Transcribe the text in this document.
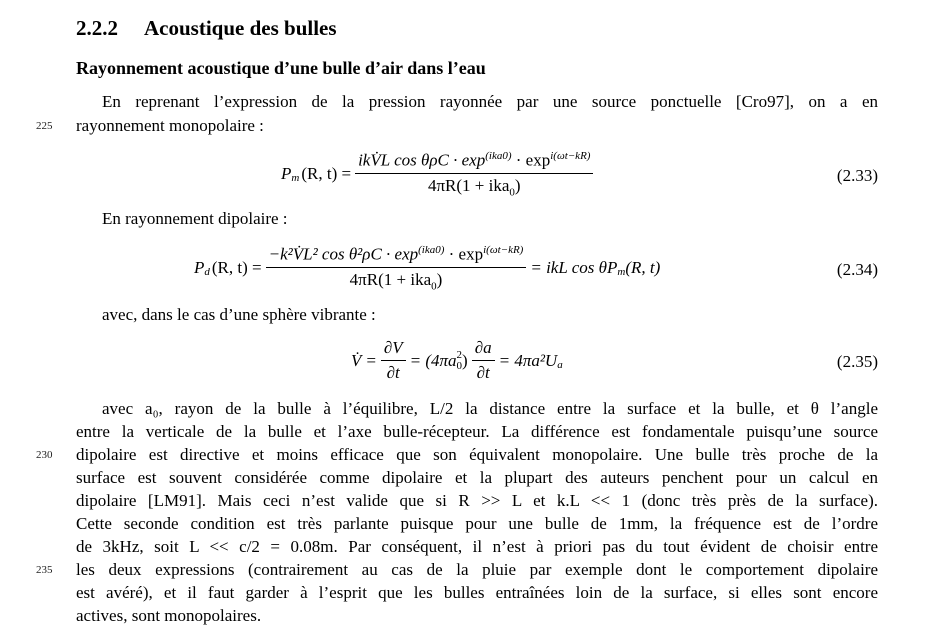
2.2.2 Acoustique des bulles
Rayonnement acoustique d’une bulle d’air dans l’eau
En reprenant l’expression de la pression rayonnée par une source ponctuelle [Cro97], on a en
225 rayonnement monopolaire :
$P_m$ (R, $t) = \frac{ikV̇L \cos \theta\rho C \cdot \exp^{(ika0)} \cdot \exp^{i(\omega t-kR)}}{4\pi R(1 + ika_0)}$	(2.33)
En rayonnement dipolaire :
$P_d$ (R, $t) = \frac{-k^2V̇L^2 \cos \theta^2\rho C \cdot \exp^{(ika0)} \cdot \exp^{i(\omega t-kR)}}{4\pi R(1 + ika_0)}$ = ikL $\cos \theta P_m$ (R, t)	(2.34)
avec, dans le cas d’une sphère vibrante :
V̇ = $\frac{\partial V}{\partial t} = (4\pi a$ 2
0 ) $\frac{\partial a}{\partial t} = 4\pi a^2U_a$	(2.35)
avec a₀, rayon de la bulle à l’équilibre, L/2 la distance entre la surface et la bulle, et θ l’angle
entre la verticale de la bulle et l’axe bulle-récepteur. La différence est fondamentale puisqu’une source
230 dipolaire est directive et moins efficace que son équivalent monopolaire. Une bulle très proche de la
surface est souvent considérée comme dipolaire et la plupart des auteurs penchent pour un calcul en
dipolaire [LM91]. Mais ceci n’est valide que si R >> L et k.L << 1 (donc très près de la surface).
Cette seconde condition est très parlante puisque pour une bulle de 1mm, la fréquence est de l’ordre
de 3kHz, soit L << c/2 = 0.08m. Par conséquent, il n’est à priori pas du tout évident de choisir entre
235 les deux expressions (contrairement au cas de la pluie par exemple dont le comportement dipolaire
est avéré), et il faut garder à l’esprit que les bulles entraînées loin de la surface, si elles sont encore
actives, sont monopolaires.
